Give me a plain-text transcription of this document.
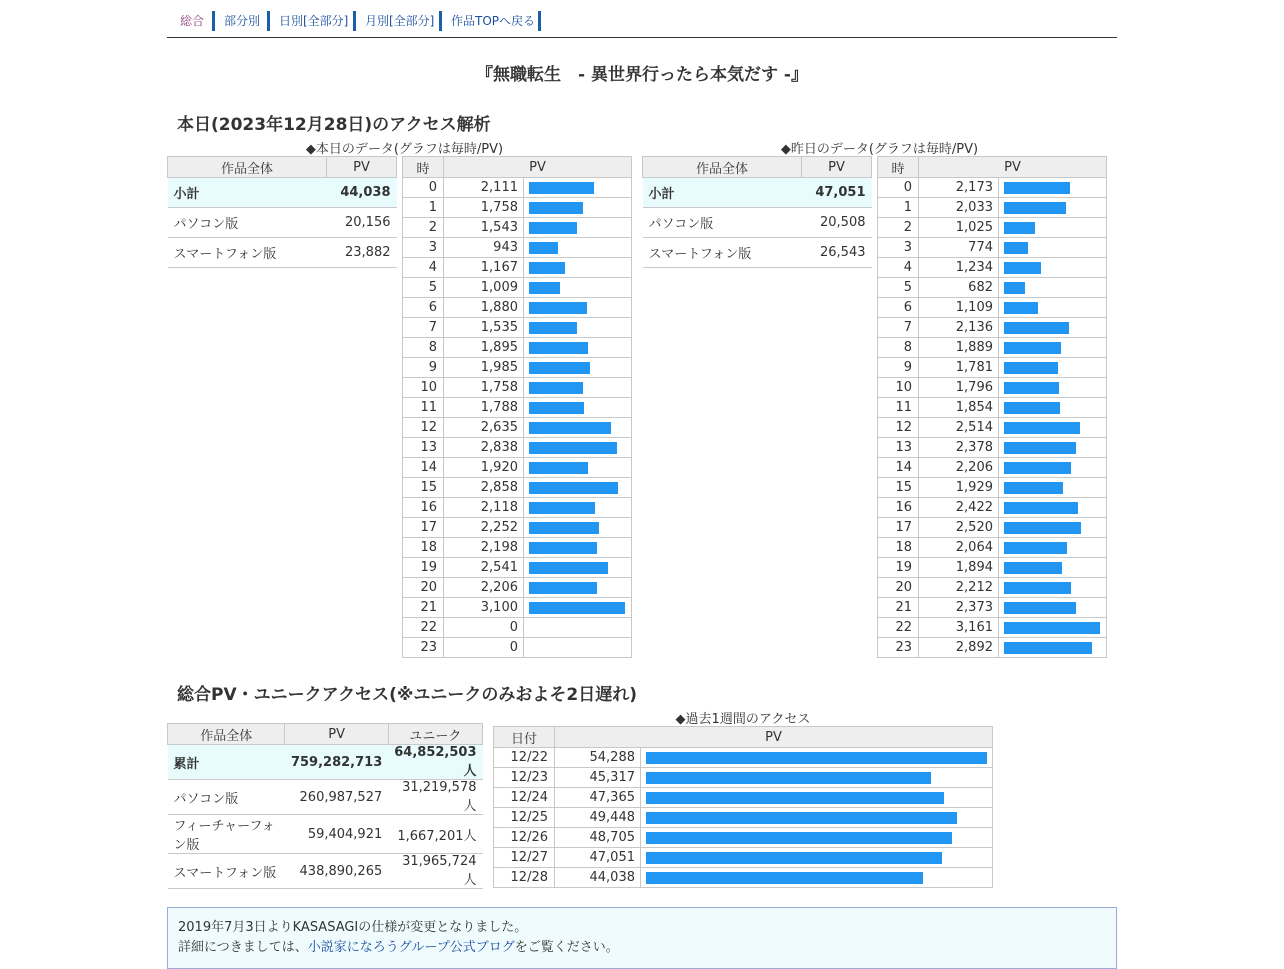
総合 部分別 日別[全部分] 月別[全部分] 作品TOPへ戻る
『無職転生　- 異世界行ったら本気だす -』
本日(2023年12月28日)のアクセス解析
◆本日のデータ(グラフは毎時/PV)	◆昨日のデータ(グラフは毎時/PV)
作品全体	PV
小計	44,038
パソコン版	20,156
スマートフォン版	23,882
時	PV	
0	2,111	

1	1,758	

2	1,543	

3	943	

4	1,167	

5	1,009	

6	1,880	

7	1,535	

8	1,895	

9	1,985	

10	1,758	

11	1,788	

12	2,635	

13	2,838	

14	1,920	

15	2,858	

16	2,118	

17	2,252	

18	2,198	

19	2,541	

20	2,206	

21	3,100	

22	0	
23	0	
作品全体	PV
小計	47,051
パソコン版	20,508
スマートフォン版	26,543
時	PV	
0	2,173	

1	2,033	

2	1,025	

3	774	

4	1,234	

5	682	

6	1,109	

7	2,136	

8	1,889	

9	1,781	

10	1,796	

11	1,854	

12	2,514	

13	2,378	

14	2,206	

15	1,929	

16	2,422	

17	2,520	

18	2,064	

19	1,894	

20	2,212	

21	2,373	

22	3,161	

23	2,892	
総合PV・ユニークアクセス(※ユニークのみおよそ2日遅れ)
作品全体	PV	ユニーク
累計	759,282,713	64,852,503人
パソコン版	260,987,527	31,219,578人
フィーチャーフォン版	59,404,921	1,667,201人
スマートフォン版	438,890,265	31,965,724人
◆過去1週間のアクセス
日付	PV	
12/22	54,288	

12/23	45,317	

12/24	47,365	

12/25	49,448	

12/26	48,705	

12/27	47,051	

12/28	44,038	

2019年7月3日よりKASASAGIの仕様が変更となりました。

詳細につきましては、小説家になろうグループ公式ブログをご覧ください。
